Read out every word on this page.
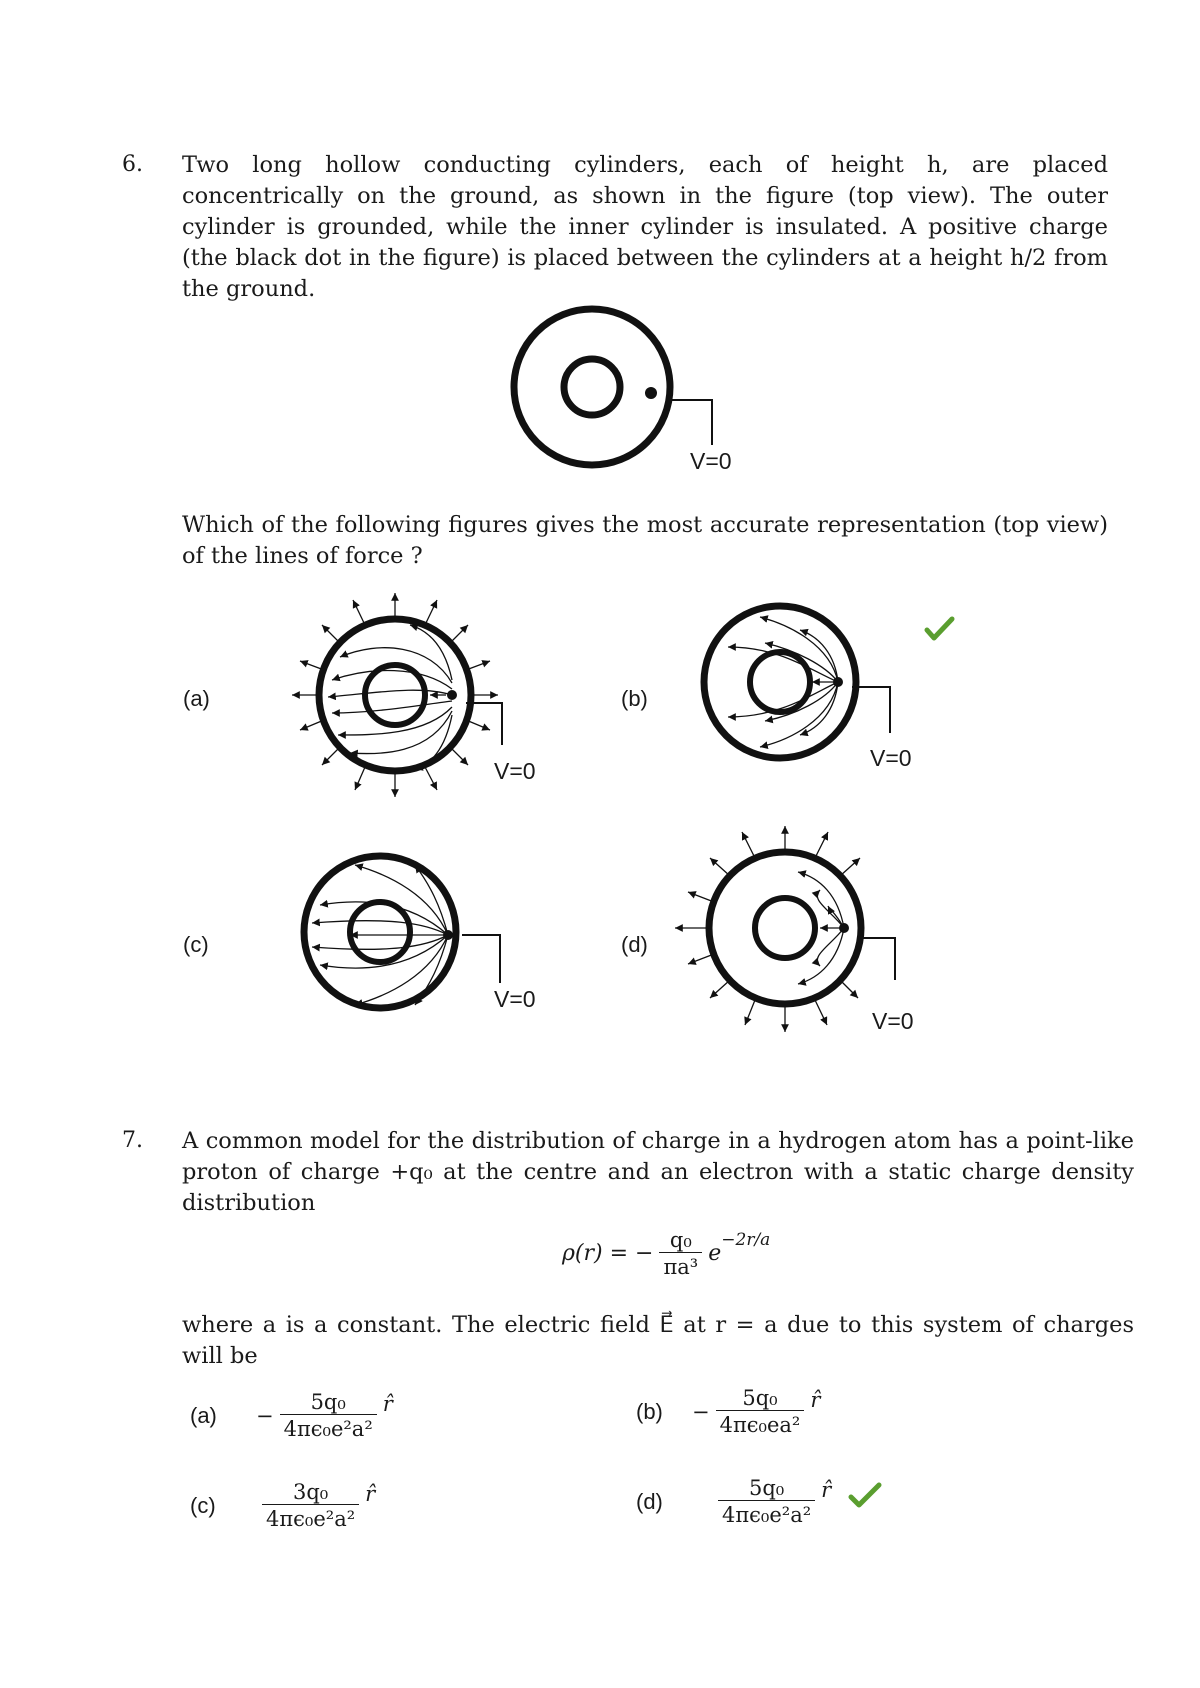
6. Two long hollow conducting cylinders, each of height h, are placed concentrically on the ground, as shown in the figure (top view). The outer cylinder is grounded, while the inner cylinder is insulated. A positive charge (the black dot in the figure) is placed between the cylinders at a height h/2 from the ground.
V=0
Which of the following figures gives the most accurate representation (top view) of the lines of force ?
(a)	(b)
(c)	(d)
V=0	V=0
V=0
V=0
7. A common model for the distribution of charge in a hydrogen atom has a point-like proton of charge +q₀ at the centre and an electron with a static charge density distribution
ρ(r) = − $\frac{\text{q₀}}{\text{πa³}}$ e
−2r/a
where a is a constant. The electric field E⃗ at r = a due to this system of charges will be
(a)	− $\frac{\text{5q₀}}{\text{4πϵ₀e²a²}}$ r̂	(b)	− $\frac{\text{5q₀}}{\text{4πϵ₀ea²}}$ r̂
(c)	$\frac{\text{3q₀}}{\text{4πϵ₀e²a²}}$ r̂	(d)	$\frac{\text{5q₀}}{\text{4πϵ₀e²a²}}$ r̂
